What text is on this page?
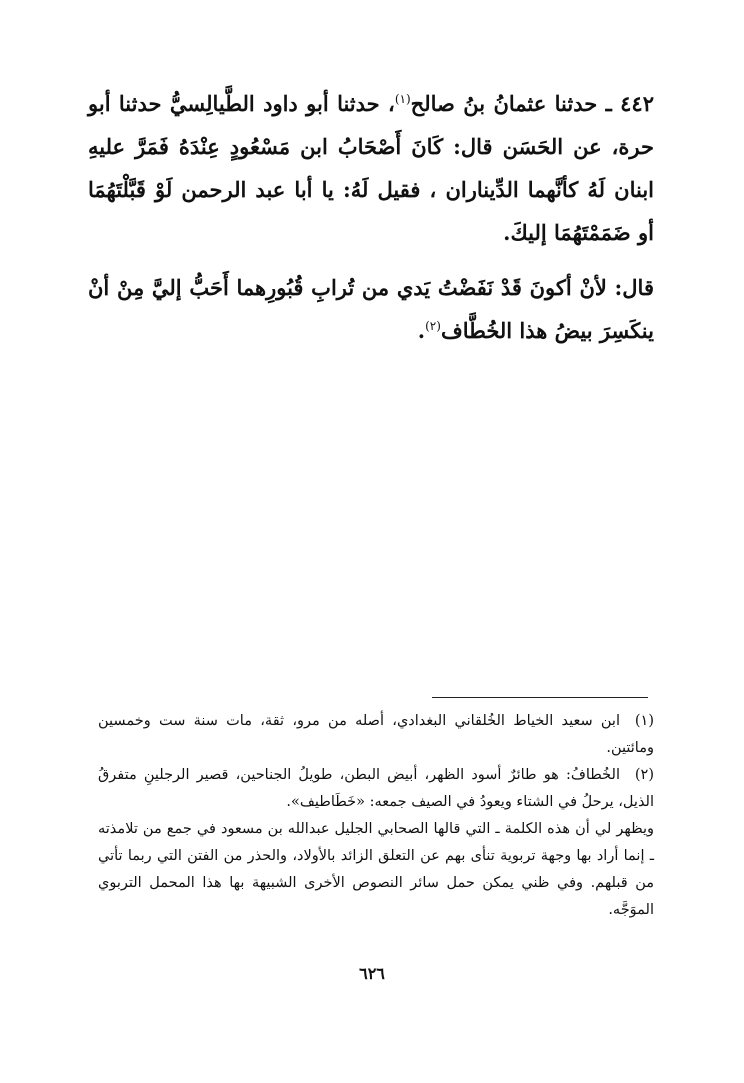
٤٤٢ ـ حدثنا عثمانُ بنُ صالح$^{(١)}$، حدثنا أبو داود الطَّيالِسيُّ حدثنا أبو حرة، عن الحَسَن قال: كَانَ أَصْحَابُ ابن مَسْعُودٍ عِنْدَهُ فَمَرَّ عليهِ ابنان لَهُ كأنَّهما الدِّيناران ، فقيل لَهُ: يا أبا عبد الرحمن لَوْ قَبَّلْتَهُمَا أو ضَمَمْتَهُمَا إليكَ.

قال: لأنْ أكونَ قَدْ نَفَضْتُ يَدي من تُرابِ قُبُورِهما أَحَبُّ إليَّ مِنْ أنْ ينكَسِرَ بيضُ هذا الخُطَّاف$^{(٢)}$.

(١)ابن سعيد الخياط الخُلقاني البغدادي، أصله من مرو، ثقة، مات سنة ست وخمسين ومائتين.

(٢)الخُطافُ: هو طائرٌ أسود الظهر، أبيض البطن، طويلُ الجناحين، قصير الرجلينِ متفرقُ الذيل، يرحلُ في الشتاء ويعودُ في الصيف جمعه: «خَطَاطيف».

ويظهر لي أن هذه الكلمة ـ التي قالها الصحابي الجليل عبدالله بن مسعود في جمع من تلامذته ـ إنما أراد بها وجهة تربوية تنأى بهم عن التعلق الزائد بالأولاد، والحذر من الفتن التي ربما تأتي من قبلهم. وفي ظني يمكن حمل سائر النصوص الأخرى الشبيهة بها هذا المحمل التربوي الموَجَّه.

٦٢٦
